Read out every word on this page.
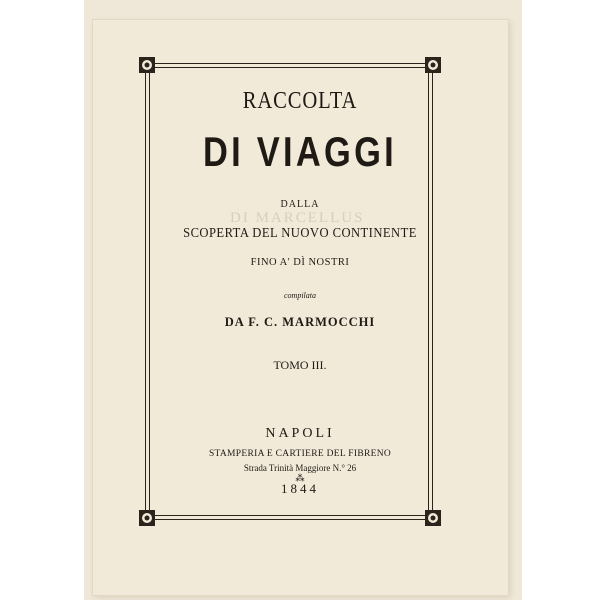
DI MARCELLUS
RACCOLTA
DI VIAGGI
DALLA
SCOPERTA DEL NUOVO CONTINENTE
FINO A' DÌ NOSTRI
compilata
DA F. C. MARMOCCHI
TOMO III.
NAPOLI
STAMPERIA E CARTIERE DEL FIBRENO
Strada Trinità Maggiore N.° 26
⁂
1844
